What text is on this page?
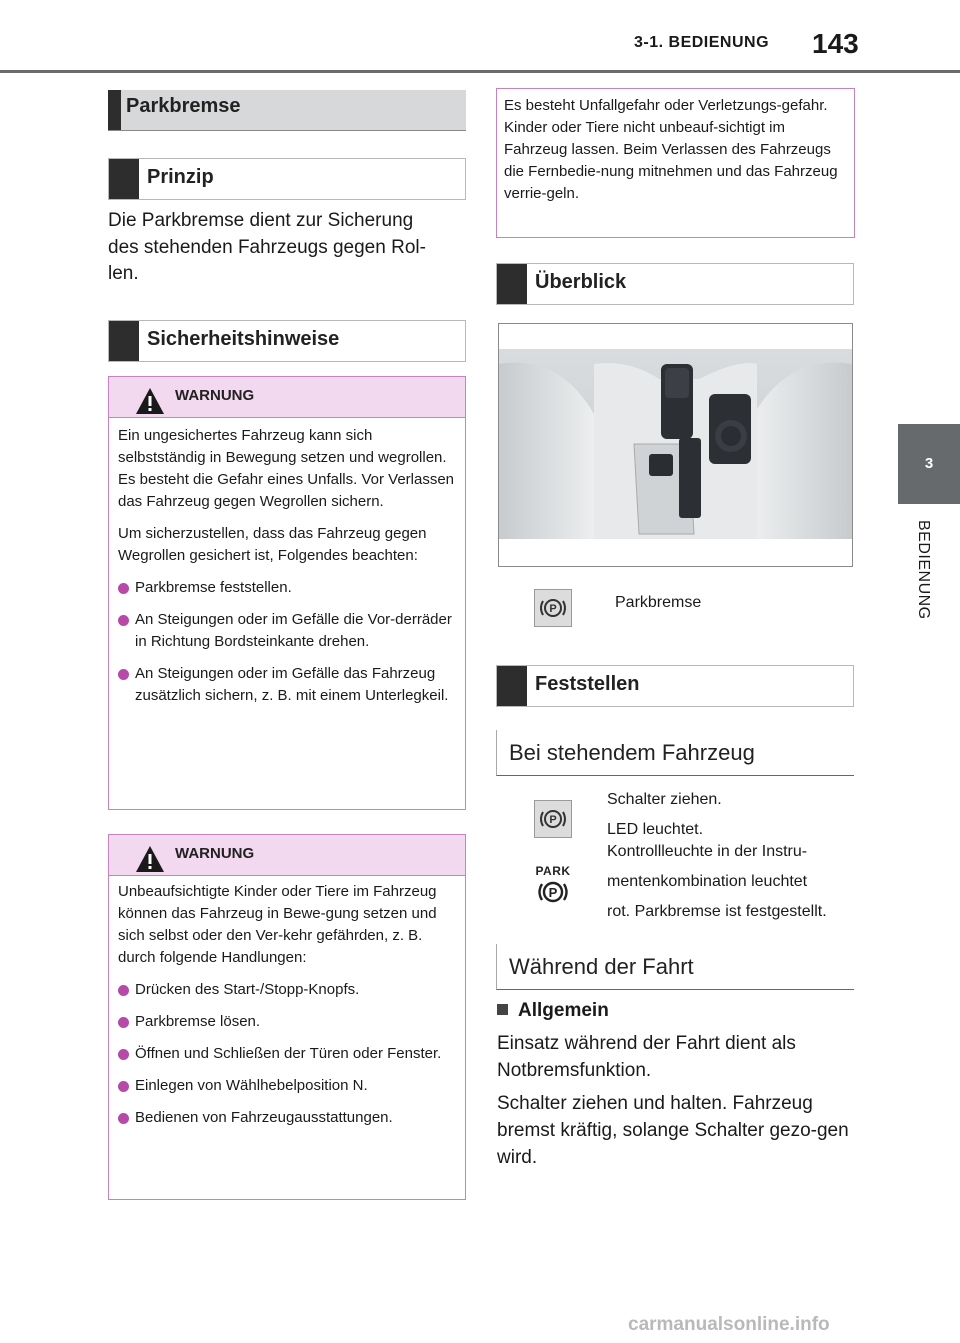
3-1. BEDIENUNG 143
3
BEDIENUNG
Parkbremse
Prinzip
Die Parkbremse dient zur Sicherung
des stehenden Fahrzeugs gegen Rol-
len.
Sicherheitshinweise
WARNUNG

Ein ungesichertes Fahrzeug kann sich selbstständig in Bewegung setzen und wegrollen. Es besteht die Gefahr eines Unfalls. Vor Verlassen das Fahrzeug gegen Wegrollen sichern.

Um sicherzustellen, dass das Fahrzeug gegen Wegrollen gesichert ist, Folgendes beachten:

Parkbremse feststellen.
An Steigungen oder im Gefälle die Vor-derräder in Richtung Bordsteinkante drehen.
An Steigungen oder im Gefälle das Fahrzeug zusätzlich sichern, z. B. mit einem Unterlegkeil.
WARNUNG

Unbeaufsichtigte Kinder oder Tiere im Fahrzeug können das Fahrzeug in Bewe-gung setzen und sich selbst oder den Ver-kehr gefährden, z. B. durch folgende Handlungen:

Drücken des Start-/Stopp-Knopfs.
Parkbremse lösen.
Öffnen und Schließen der Türen oder Fenster.
Einlegen von Wählhebelposition N.
Bedienen von Fahrzeugausstattungen.
Es besteht Unfallgefahr oder Verletzungs-gefahr. Kinder oder Tiere nicht unbeauf-sichtigt im Fahrzeug lassen. Beim Verlassen des Fahrzeugs die Fernbedie-nung mitnehmen und das Fahrzeug verrie-geln.
Überblick
P	Parkbremse
Feststellen
Bei stehendem Fahrzeug
P
PARK
P
Schalter ziehen.
LED leuchtet.
Kontrollleuchte in der Instru-
mentenkombination leuchtet
rot. Parkbremse ist festgestellt.
Während der Fahrt
Allgemein

Einsatz während der Fahrt dient als Notbremsfunktion.

Schalter ziehen und halten. Fahrzeug bremst kräftig, solange Schalter gezo-gen wird.

carmanualsonline.info
